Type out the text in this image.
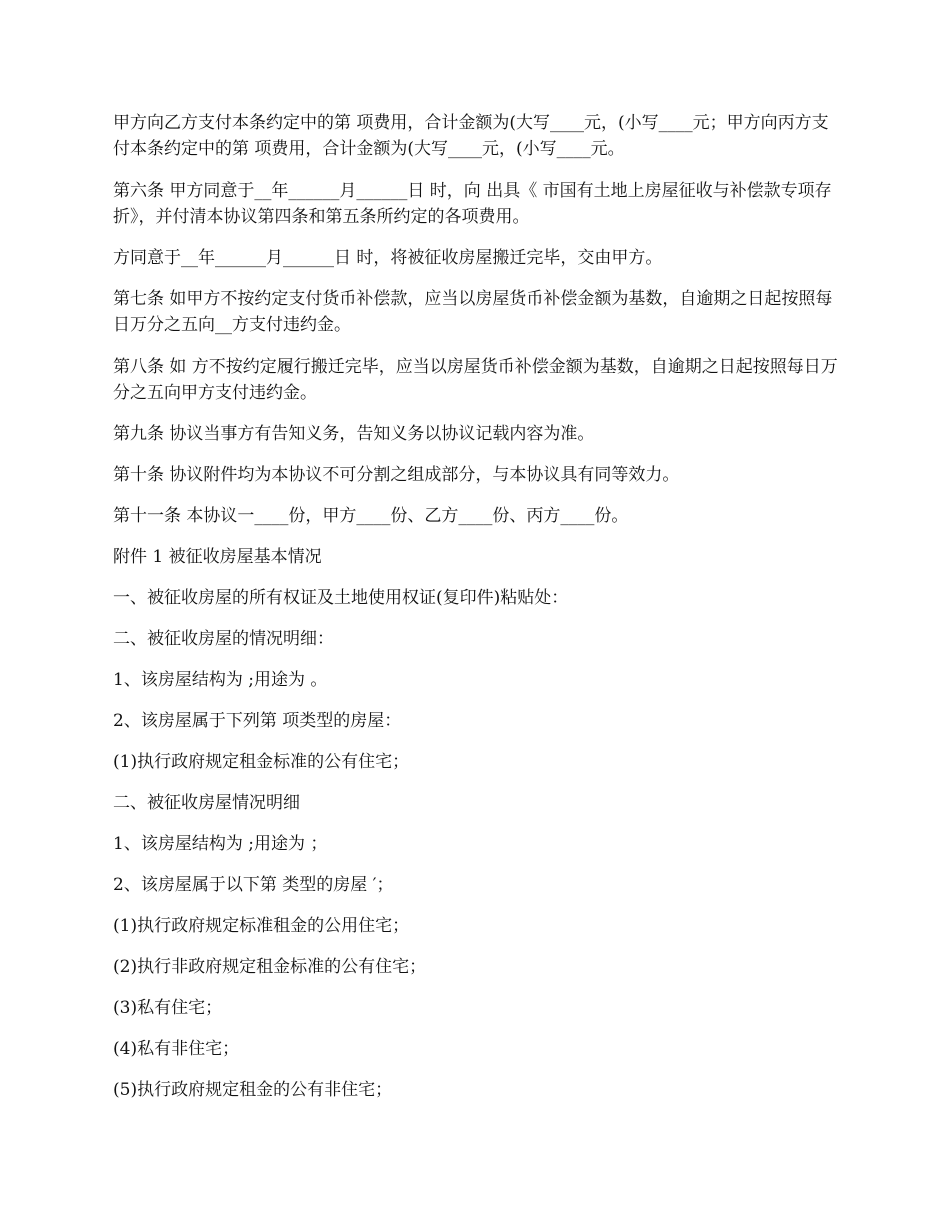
甲方向乙方支付本条约定中的第 项费用，合计金额为(大写____元，(小写____元；甲方向丙方支付本条约定中的第 项费用，合计金额为(大写____元，(小写____元。

第六条 甲方同意于__年______月______日 时，向 出具《 市国有土地上房屋征收与补偿款专项存折》，并付清本协议第四条和第五条所约定的各项费用。

方同意于__年______月______日 时，将被征收房屋搬迁完毕，交由甲方。

第七条 如甲方不按约定支付货币补偿款，应当以房屋货币补偿金额为基数，自逾期之日起按照每日万分之五向__方支付违约金。

第八条 如 方不按约定履行搬迁完毕，应当以房屋货币补偿金额为基数，自逾期之日起按照每日万分之五向甲方支付违约金。

第九条 协议当事方有告知义务，告知义务以协议记载内容为准。

第十条 协议附件均为本协议不可分割之组成部分，与本协议具有同等效力。

第十一条 本协议一____份，甲方____份、乙方____份、丙方____份。

附件 1 被征收房屋基本情况

一、被征收房屋的所有权证及土地使用权证(复印件)粘贴处：

二、被征收房屋的情况明细：

1、该房屋结构为 ;用途为 。

2、该房屋属于下列第 项类型的房屋：

(1)执行政府规定租金标准的公有住宅；

二、被征收房屋情况明细

1、该房屋结构为 ;用途为 ；

2、该房屋属于以下第 类型的房屋 ′；

(1)执行政府规定标准租金的公用住宅；

(2)执行非政府规定租金标准的公有住宅；

(3)私有住宅；

(4)私有非住宅；

(5)执行政府规定租金的公有非住宅；
